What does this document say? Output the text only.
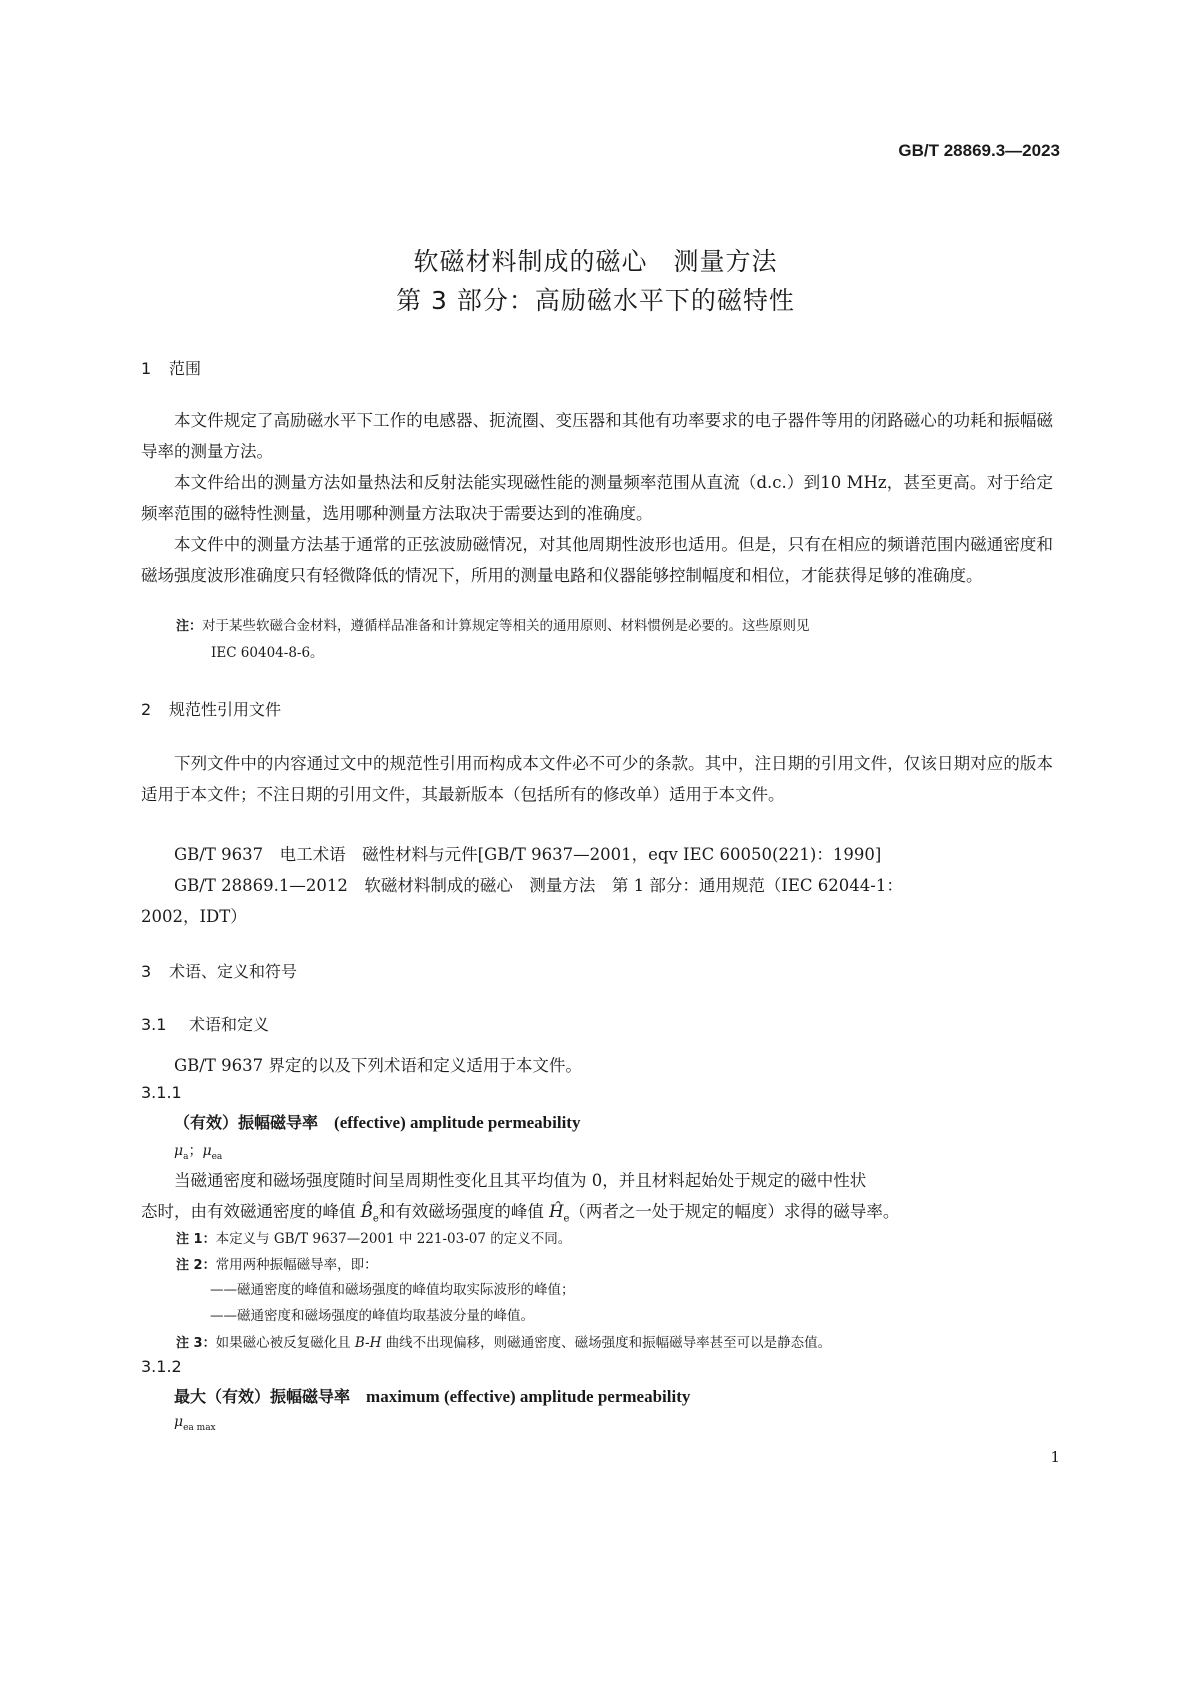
GB/T 28869.3—2023
软磁材料制成的磁心　测量方法
第 3 部分：高励磁水平下的磁特性
1 范围
本文件规定了高励磁水平下工作的电感器、扼流圈、变压器和其他有功率要求的电子器件等用的闭路磁心的功耗和振幅磁导率的测量方法。
本文件给出的测量方法如量热法和反射法能实现磁性能的测量频率范围从直流（d.c.）到10 MHz，甚至更高。对于给定频率范围的磁特性测量，选用哪种测量方法取决于需要达到的准确度。
本文件中的测量方法基于通常的正弦波励磁情况，对其他周期性波形也适用。但是，只有在相应的频谱范围内磁通密度和磁场强度波形准确度只有轻微降低的情况下，所用的测量电路和仪器能够控制幅度和相位，才能获得足够的准确度。
注：对于某些软磁合金材料，遵循样品准备和计算规定等相关的通用原则、材料惯例是必要的。这些原则见
IEC 60404-8-6。
2 规范性引用文件
下列文件中的内容通过文中的规范性引用而构成本文件必不可少的条款。其中，注日期的引用文件，仅该日期对应的版本适用于本文件；不注日期的引用文件，其最新版本（包括所有的修改单）适用于本文件。
GB/T 9637　电工术语　磁性材料与元件[GB/T 9637—2001，eqv IEC 60050(221)：1990]
GB/T 28869.1—2012　软磁材料制成的磁心　测量方法　第 1 部分：通用规范（IEC 62044-1：
2002，IDT）
3 术语、定义和符号
3.1 术语和定义
GB/T 9637 界定的以及下列术语和定义适用于本文件。
3.1.1
（有效）振幅磁导率　 (effective) amplitude permeability
$\mu_a$；$\mu_{ea}$
当磁通密度和磁场强度随时间呈周期性变化且其平均值为 0，并且材料起始处于规定的磁中性状
态时，由有效磁通密度的峰值 $B̂_e$和有效磁场强度的峰值 $Ĥ_e$（两者之一处于规定的幅度）求得的磁导率。
注 1：本定义与 GB/T 9637—2001 中 221-03-07 的定义不同。
注 2：常用两种振幅磁导率，即：
——磁通密度的峰值和磁场强度的峰值均取实际波形的峰值；
——磁通密度和磁场强度的峰值均取基波分量的峰值。
注 3：如果磁心被反复磁化且 B-H 曲线不出现偏移，则磁通密度、磁场强度和振幅磁导率甚至可以是静态值。
3.1.2
最大（有效）振幅磁导率　 maximum (effective) amplitude permeability
$\mu_{ea max}$
1
